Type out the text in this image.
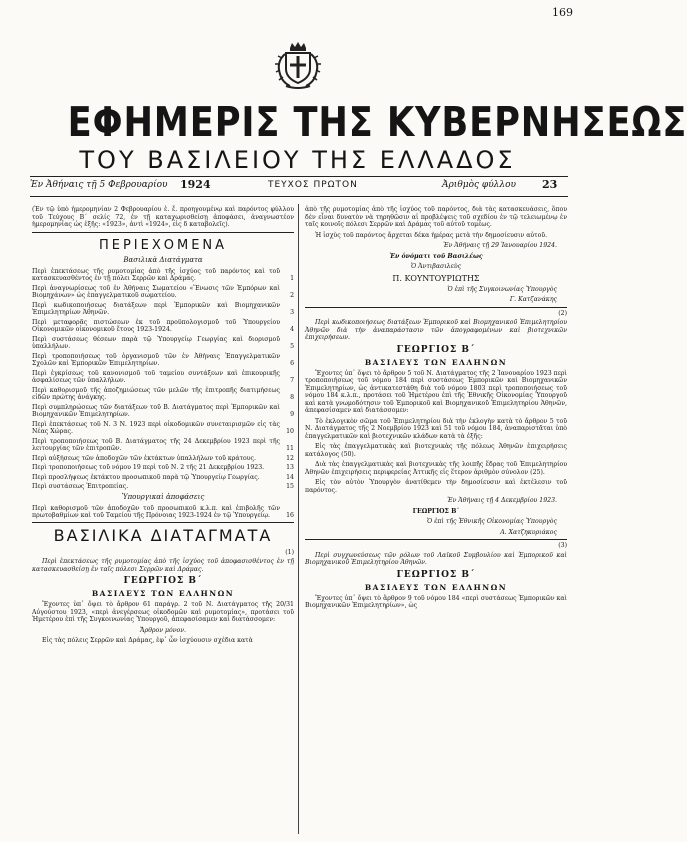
169
ΕΦΗΜΕΡΙΣ ΤΗΣ ΚΥΒΕΡΝΗΣΕΩΣ
ΤΟΥ ΒΑΣΙΛΕΙΟΥ ΤΗΣ ΕΛΛΑΔΟΣ
Ἐν Ἀθήναις τῇ 5 Φεβρουαρίου 1924	ΤΕΥΧΟΣ ΠΡΩΤΟΝ	Ἀριθμὸς φύλλου 23

(Ἐν τῷ ὑπὸ ἡμερομηνίαν 2 Φεβρουαρίου ἐ. ἔ. προηγουμένῳ καὶ παρόντος φύλλου τοῦ Τεύχους Β΄ σελίς 72, ἐν τῇ καταχωρισθείσῃ ἀποφάσει, ἀναγνωστέον ἡμερομηνίας ὡς ἑξῆς: «1923», ἀντὶ «1924», εἰς δ καταβολεῖς).

ΠΕΡΙΕΧΟΜΕΝΑ
Βασιλικὰ Διατάγματα
Περὶ ἐπεκτάσεως τῆς ρυμοτομίας ἀπὸ τῆς ἰσχύος τοῦ παρόντος καὶ τοῦ κατασκευασθέντος ἐν τῇ πόλει Σερρῶν καὶ Δράμας.	1
Περὶ ἀναγνωρίσεως τοῦ ἐν Ἀθήναις Σωματείου «Ἕνωσις τῶν Ἐμπόρων καὶ Βιομηχάνων» ὡς ἐπαγγελματικοῦ σωματείου.	2
Περὶ κωδικοποιήσεως διατάξεων περὶ Ἐμπορικῶν καὶ Βιομηχανικῶν Ἐπιμελητηρίων Ἀθηνῶν.	3
Περὶ μεταφορᾶς πιστώσεων ἐκ τοῦ προϋπολογισμοῦ τοῦ Ὑπουργείου Οἰκονομικῶν οἰκονομικοῦ ἔτους 1923-1924.	4
Περὶ συστάσεως θέσεων παρὰ τῷ Ὑπουργείῳ Γεωργίας καὶ διορισμοῦ ὑπαλλήλων.	5
Περὶ τροποποιήσεως τοῦ ὀργανισμοῦ τῶν ἐν Ἀθήναις Ἐπαγγελματικῶν Σχολῶν καὶ Ἐμπορικῶν Ἐπιμελητηρίων.	6
Περὶ ἐγκρίσεως τοῦ κανονισμοῦ τοῦ ταμείου συντάξεων καὶ ἐπικουρικῆς ἀσφαλίσεως τῶν ὑπαλλήλων.	7
Περὶ καθορισμοῦ τῆς ἀποζημιώσεως τῶν μελῶν τῆς ἐπιτροπῆς διατιμήσεως εἰδῶν πρώτης ἀνάγκης.	8
Περὶ συμπληρώσεως τῶν διατάξεων τοῦ Β. Διατάγματος περὶ Ἐμπορικῶν καὶ Βιομηχανικῶν Ἐπιμελητηρίων.	9
Περὶ ἐπεκτάσεως τοῦ Ν. 3 Ν. 1923 περὶ οἰκοδομικῶν συνεταιρισμῶν εἰς τὰς Νέας Χώρας.	10
Περὶ τροποποιήσεως τοῦ Β. Διατάγματος τῆς 24 Δεκεμβρίου 1923 περὶ τῆς λειτουργίας τῶν ἐπιτροπῶν.	11
Περὶ αὐξήσεως τῶν ἀποδοχῶν τῶν ἐκτάκτων ὑπαλλήλων τοῦ κράτους.	12
Περὶ τροποποιήσεως τοῦ νόμου 19 περὶ τοῦ Ν. 2 τῆς 21 Δεκεμβρίου 1923.	13
Περὶ προσλήψεως ἐκτάκτου προσωπικοῦ παρὰ τῷ Ὑπουργείῳ Γεωργίας.	14
Περὶ συστάσεως Ἐπιτροπείας.	15
Ὑπουργικαὶ ἀποφάσεις
Περὶ καθορισμοῦ τῶν ἀποδοχῶν τοῦ προσωπικοῦ κ.λ.π. καὶ ἐπιβολῆς τῶν πρωτοβαθμίων καὶ τοῦ Ταμείου τῆς Πρόνοιας 1923-1924 ἐν τῷ Ὑπουργείῳ.	16
ΒΑΣΙΛΙΚΑ ΔΙΑΤΑΓΜΑΤΑ

(1)

Περὶ ἐπεκτάσεως τῆς ρυμοτομίας ἀπὸ τῆς ἰσχύος τοῦ ἀποφασισθέντος ἐν τῇ κατασκευασθείσῃ ἐν ταῖς πόλεσι Σερρῶν καὶ Δράμας.

ΓΕΩΡΓΙΟΣ Β΄

ΒΑΣΙΛΕΥΣ ΤΩΝ ΕΛΛΗΝΩΝ

Ἔχοντες ὑπ᾽ ὄψει τὸ ἄρθρον 61 παράγρ. 2 τοῦ Ν. Διατάγματος τῆς 20/31 Αὐγούστου 1923, «περὶ ἀνεγέρσεως οἰκοδομῶν καὶ ρυμοτομίας», προτάσει τοῦ Ἡμετέρου ἐπὶ τῆς Συγκοινωνίας Ὑπουργοῦ, ἀπεφασίσαμεν καὶ διατάσσομεν:

Ἄρθρον μόνον.

Εἰς τὰς πόλεις Σερρῶν καὶ Δράμας, ἐφ᾽ ὧν ἰσχύουσιν σχέδια κατὰ

ἀπὸ τῆς ρυμοτομίας ἀπὸ τῆς ἰσχύος τοῦ παρόντος, διὰ τὰς κατασκευάσεις, ὅπου δὲν εἶναι δυνατὸν νὰ τηρηθῶσιν αἱ προβλέψεις τοῦ σχεδίου ἐν τῷ τελειωμένῳ ἐν ταῖς κοινοῖς πόλεσι Σερρῶν καὶ Δράμας τοῦ αὐτοῦ τομέως.

Ἡ ἰσχὺς τοῦ παρόντος ἄρχεται δέκα ἡμέρας μετὰ τὴν δημοσίευσιν αὐτοῦ.

Ἐν Ἀθήναις τῇ 29 Ἰανουαρίου 1924.

Ἐν ὀνόματι τοῦ Βασιλέως

Ὁ Ἀντιβασιλεὺς

Π. ΚΟΥΝΤΟΥΡΙΩΤΗΣ

Ὁ ἐπὶ τῆς Συγκοινωνίας Ὑπουργὸς

Γ. Κατζανάκης

(2)

Περὶ κωδικοποιήσεως διατάξεων Ἐμπορικοῦ καὶ Βιομηχανικοῦ Ἐπιμελητηρίου Ἀθηνῶν διὰ τὴν ἀναπαράστασιν τῶν ἀπογραφομένων καὶ βιοτεχνικῶν ἐπιχειρήσεων.

ΓΕΩΡΓΙΟΣ Β΄

ΒΑΣΙΛΕΥΣ ΤΩΝ ΕΛΛΗΝΩΝ

Ἔχοντες ὑπ᾽ ὄψει τὸ ἄρθρον 5 τοῦ Ν. Διατάγματος τῆς 2 Ἰανουαρίου 1923 περὶ τροποποιήσεως τοῦ νόμου 184 περὶ συστάσεως Ἐμπορικῶν καὶ Βιομηχανικῶν Ἐπιμελητηρίων, ὡς ἀντικατεστάθη διὰ τοῦ νόμου 1803 περὶ τροποποιήσεως τοῦ νόμου 184 κ.λ.π., προτάσει τοῦ Ἡμετέρου ἐπὶ τῆς Ἐθνικῆς Οἰκονομίας Ὑπουργοῦ καὶ κατὰ γνωμοδότησιν τοῦ Ἐμπορικοῦ καὶ Βιομηχανικοῦ Ἐπιμελητηρίου Ἀθηνῶν, ἀπεφασίσαμεν καὶ διατάσσομεν:

Τὸ ἐκλογικὸν σῶμα τοῦ Ἐπιμελητηρίου διὰ τὴν ἐκλογὴν κατὰ τὸ ἄρθρον 5 τοῦ Ν. Διατάγματος τῆς 2 Νοεμβρίου 1923 καὶ 51 τοῦ νόμου 184, ἀναπαριστᾶται ὑπὸ ἐπαγγελματικῶν καὶ βιοτεχνικῶν κλάδων κατὰ τὰ ἑξῆς:

Εἰς τὰς ἐπαγγελματικὰς καὶ βιοτεχνικὰς τῆς πόλεως Ἀθηνῶν ἐπιχειρήσεις κατάλογος (50).

Διὰ τὰς ἐπαγγελματικὰς καὶ βιοτεχνικὰς τῆς λοιπῆς ἕδρας τοῦ Ἐπιμελητηρίου Ἀθηνῶν ἐπιχειρήσεις περιφερείας Ἀττικῆς εἰς ἕτερον ἀριθμὸν σύνολον (25).

Εἰς τὸν αὐτὸν Ὑπουργὸν ἀνατίθεμεν τὴν δημοσίευσιν καὶ ἐκτέλεσιν τοῦ παρόντος.

Ἐν Ἀθήναις τῇ 4 Δεκεμβρίου 1923.

ΓΕΩΡΓΙΟΣ Β΄

Ὁ ἐπὶ τῆς Ἐθνικῆς Οἰκονομίας Ὑπουργὸς

Α. Χατζηκυριάκος

(3)

Περὶ συγχωνεύσεως τῶν ρόλων τοῦ Λαϊκοῦ Συμβουλίου καὶ Ἐμπορικοῦ καὶ Βιομηχανικοῦ Ἐπιμελητηρίου Ἀθηνῶν.

ΓΕΩΡΓΙΟΣ Β΄

ΒΑΣΙΛΕΥΣ ΤΩΝ ΕΛΛΗΝΩΝ

Ἔχοντες ὑπ᾽ ὄψει τὸ ἄρθρον 9 τοῦ νόμου 184 «περὶ συστάσεως Ἐμπορικῶν καὶ Βιομηχανικῶν Ἐπιμελητηρίων», ὡς
